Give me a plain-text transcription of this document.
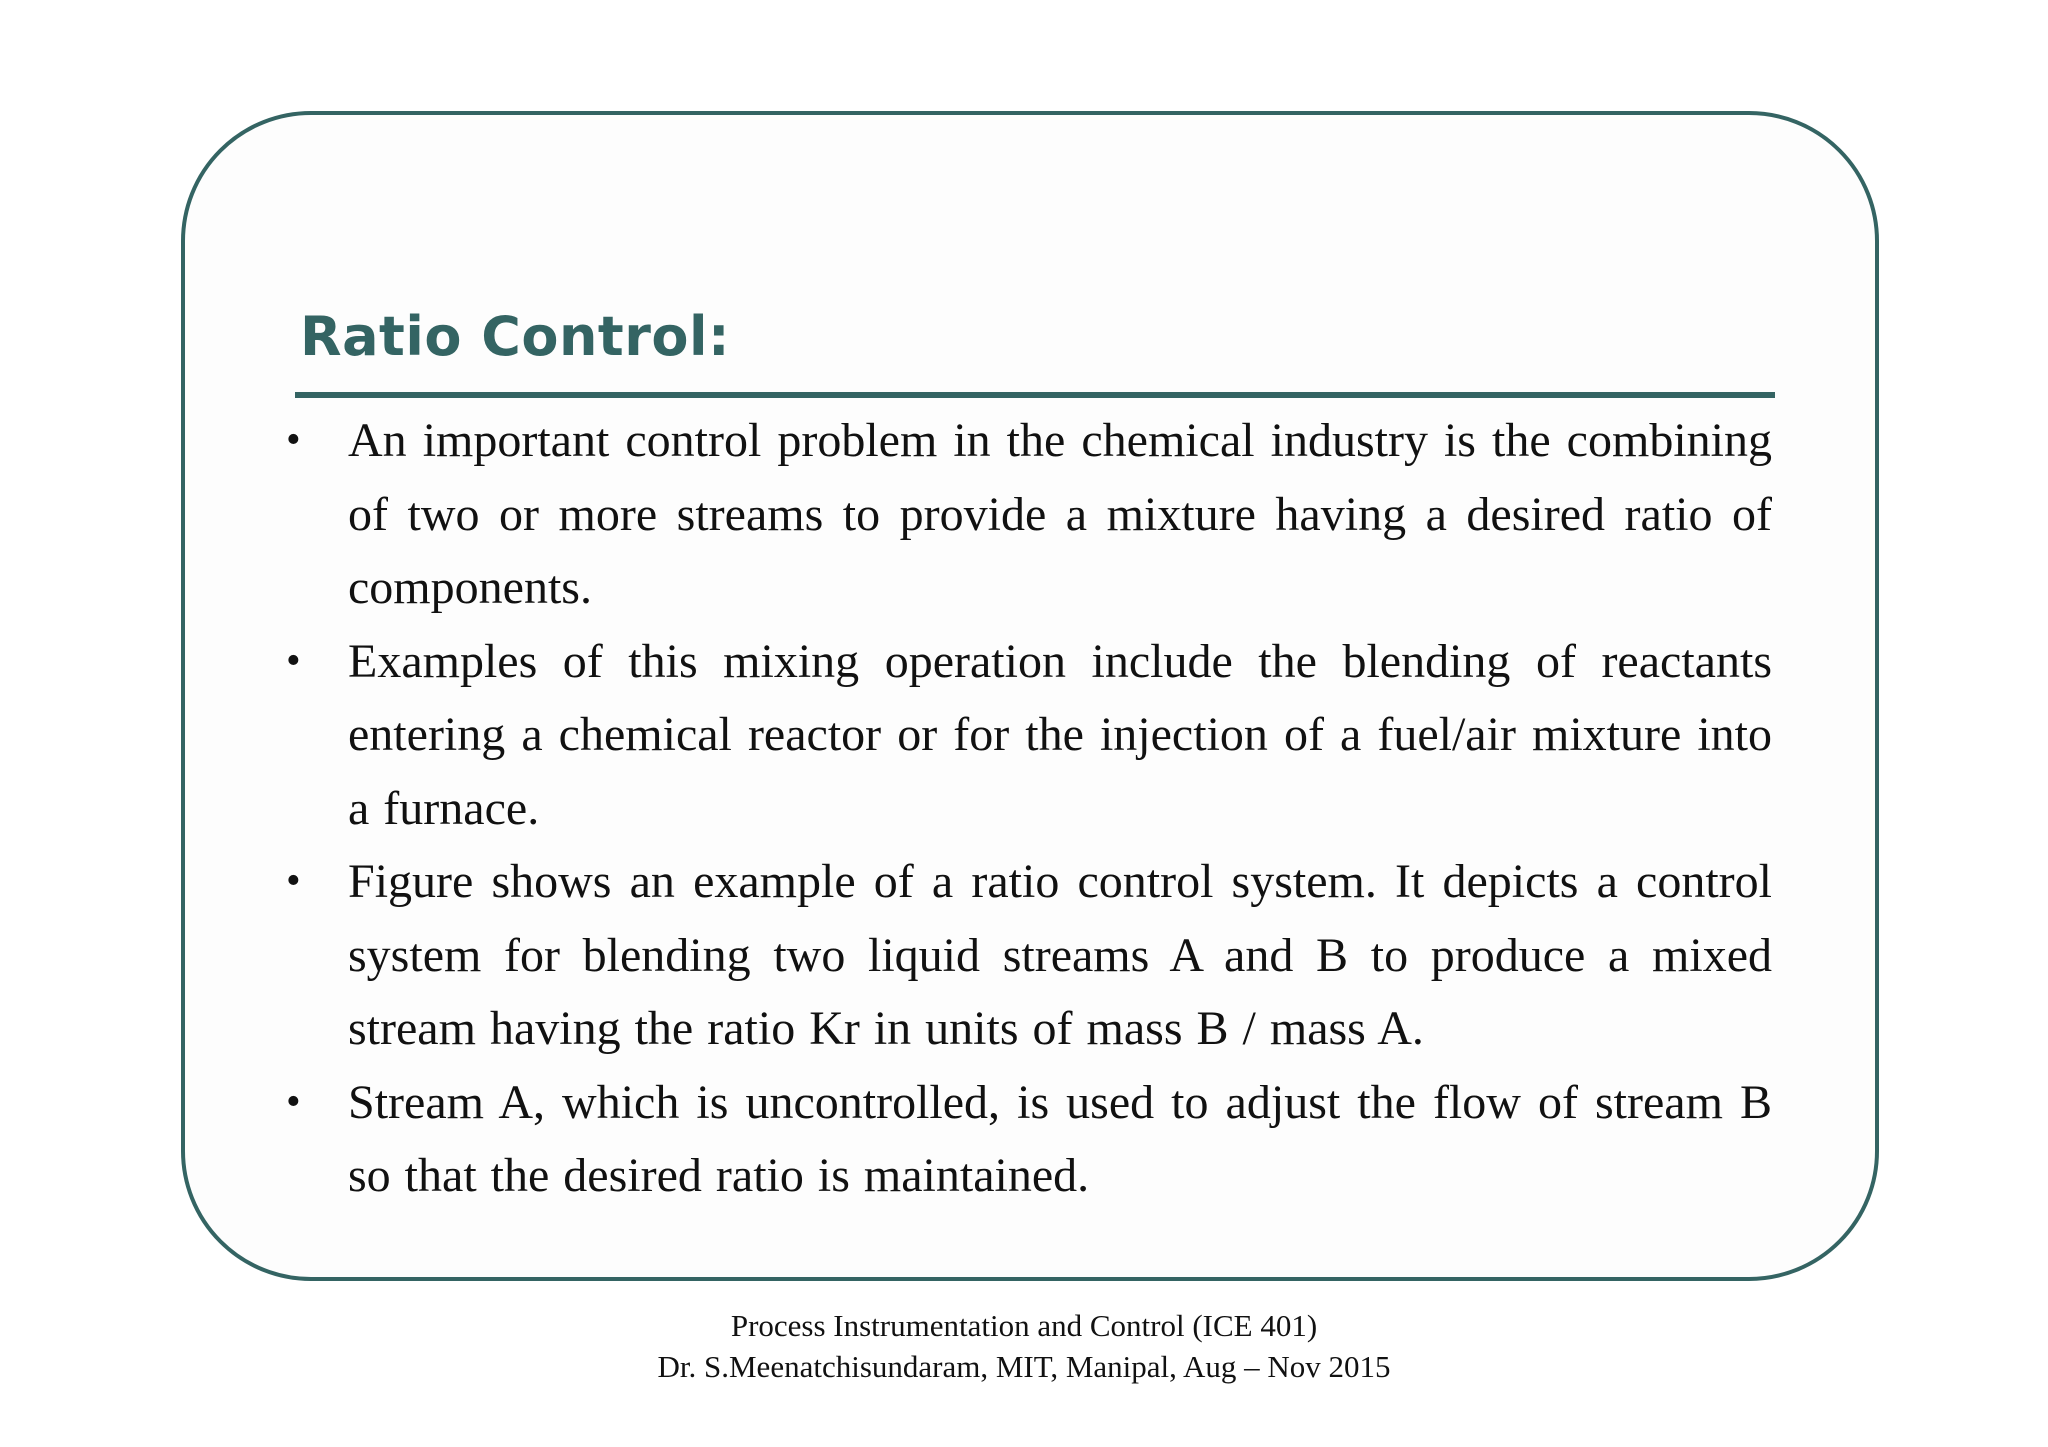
Ratio Control:
• An important control problem in the chemical industry is the combining of two or more streams to provide a mixture having a desired ratio of components.
• Examples of this mixing operation include the blending of reactants entering a chemical reactor or for the injection of a fuel/air mixture into a furnace.
• Figure shows an example of a ratio control system. It depicts a control system for blending two liquid streams A and B to produce a mixed stream having the ratio Kr in units of mass B / mass A.
• Stream A, which is uncontrolled, is used to adjust the flow of stream B so that the desired ratio is maintained.
Process Instrumentation and Control (ICE 401)
Dr. S.Meenatchisundaram, MIT, Manipal, Aug – Nov 2015
